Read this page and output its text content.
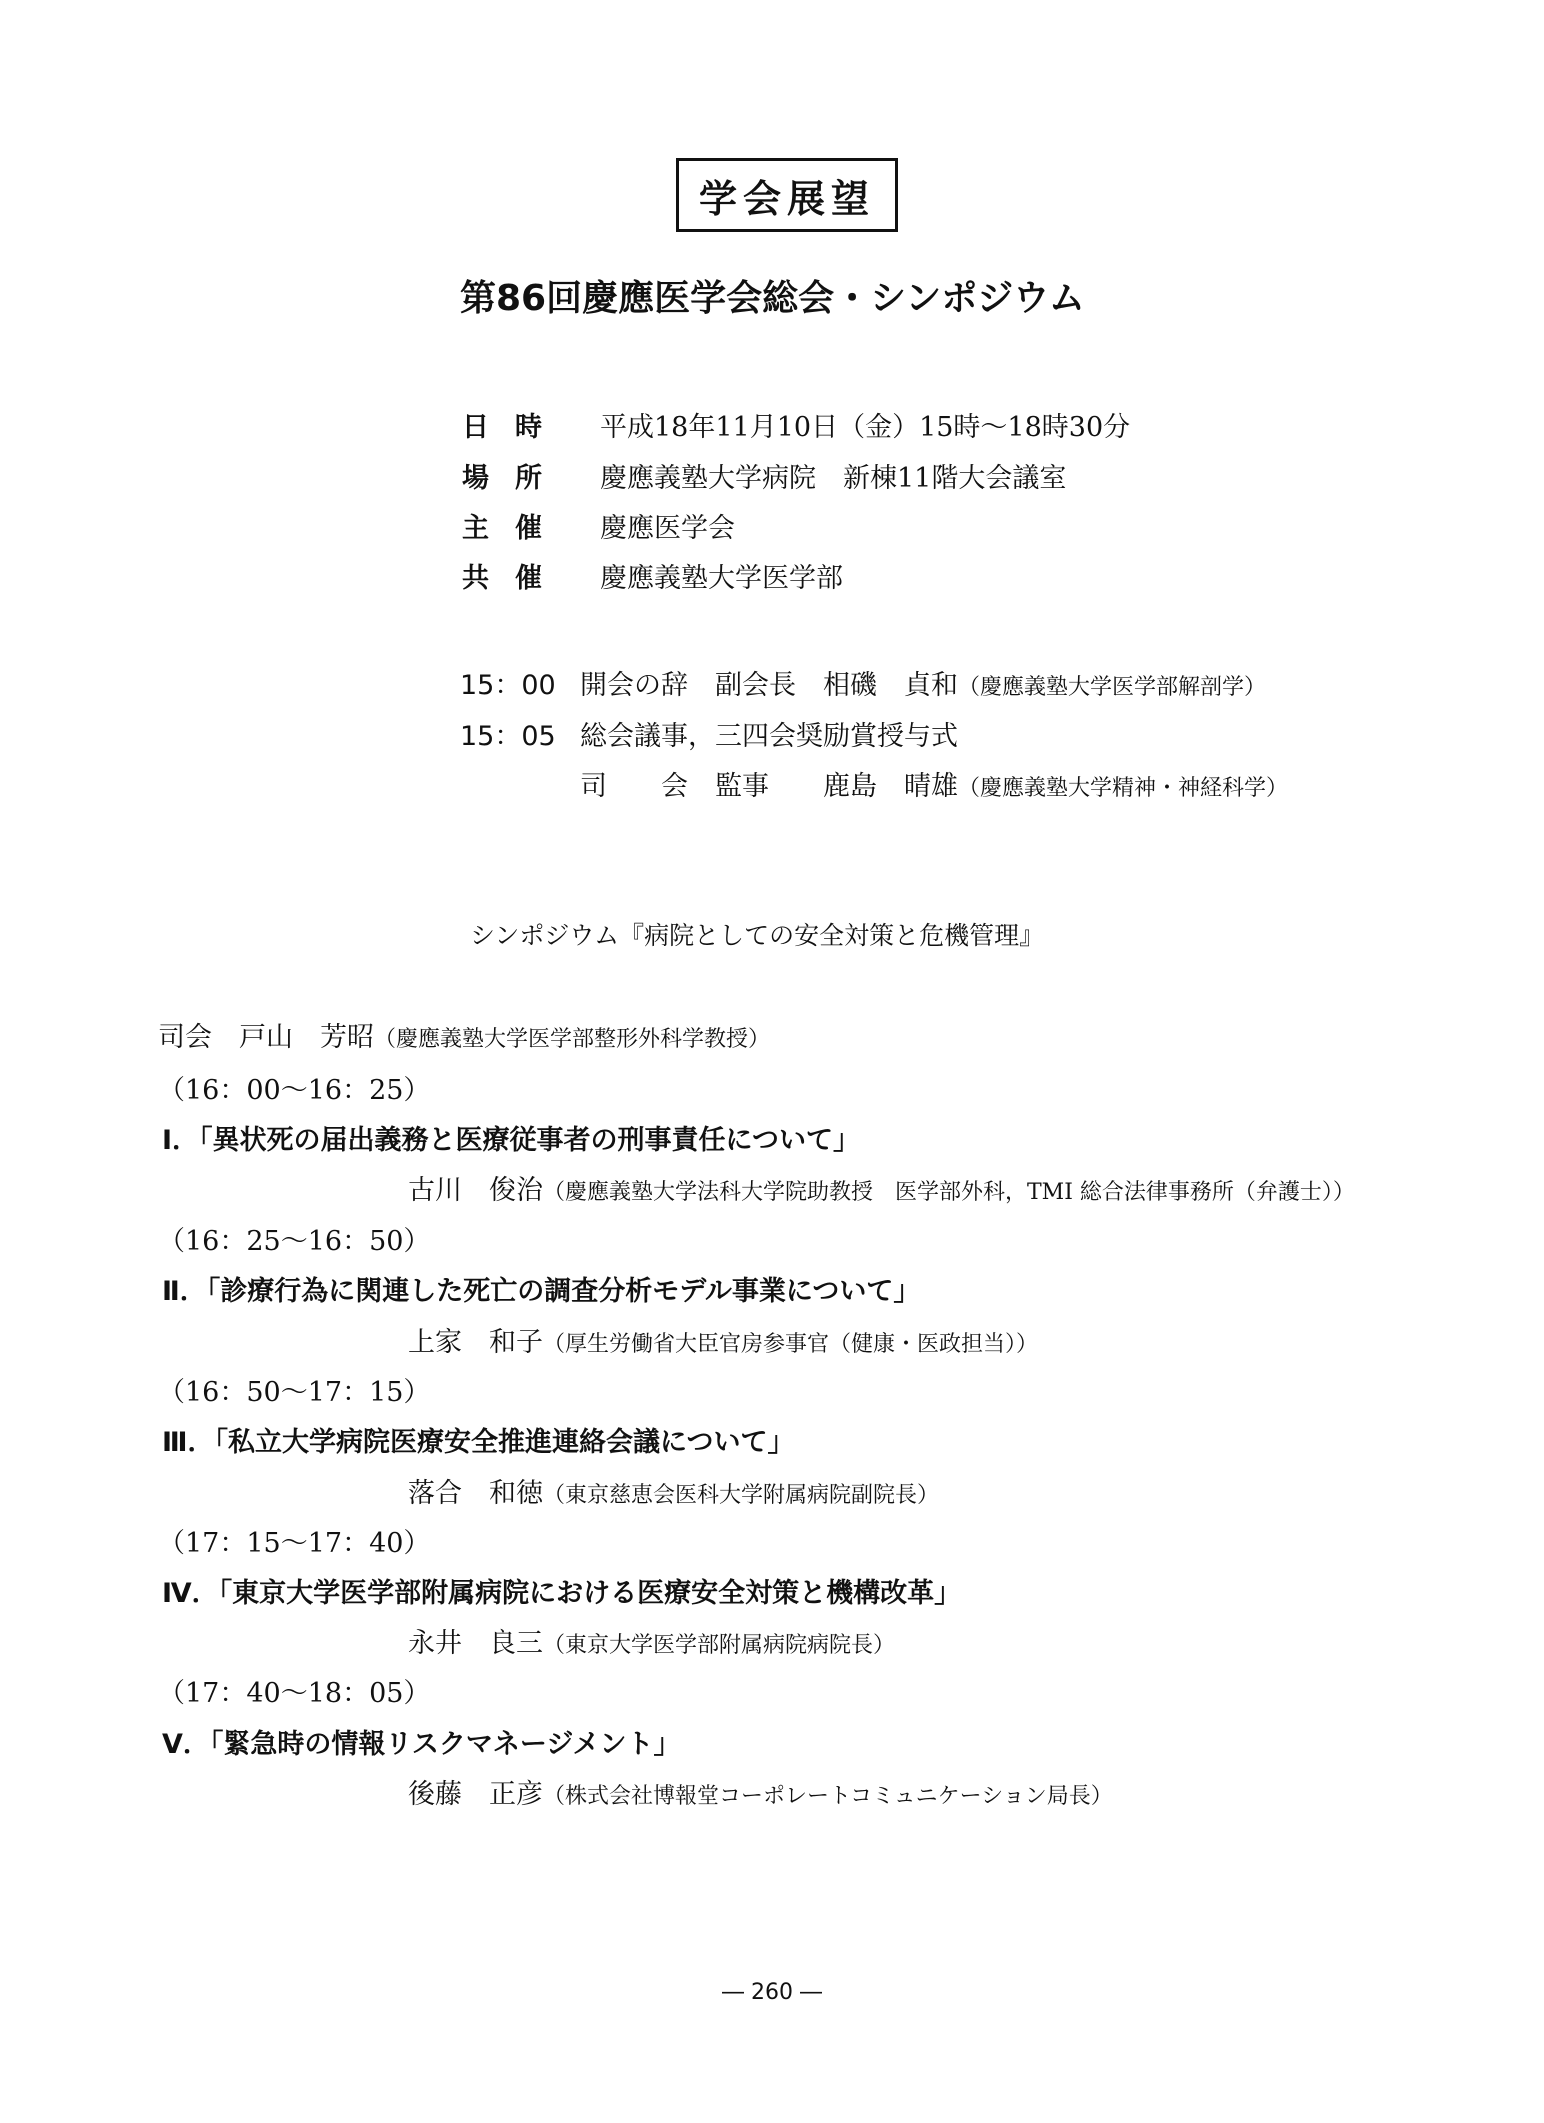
学会展望
第86回慶應医学会総会・シンポジウム
日時 平成18年11月10日（金）15時～18時30分
場所 慶應義塾大学病院　新棟11階大会議室
主催 慶應医学会
共催 慶應義塾大学医学部
15：00 開会の辞　副会長　相磯　貞和（慶應義塾大学医学部解剖学）
15：05 総会議事，三四会奨励賞授与式
司　　会　監事　　鹿島　晴雄（慶應義塾大学精神・神経科学）
シンポジウム『病院としての安全対策と危機管理』
司会　戸山　芳昭（慶應義塾大学医学部整形外科学教授）
（16：00～16：25）
Ⅰ．「異状死の届出義務と医療従事者の刑事責任について」
古川　俊治（慶應義塾大学法科大学院助教授　医学部外科，TMI 総合法律事務所（弁護士））
（16：25～16：50）
Ⅱ．「診療行為に関連した死亡の調査分析モデル事業について」
上家　和子（厚生労働省大臣官房参事官（健康・医政担当））
（16：50～17：15）
Ⅲ．「私立大学病院医療安全推進連絡会議について」
落合　和徳（東京慈恵会医科大学附属病院副院長）
（17：15～17：40）
Ⅳ．「東京大学医学部附属病院における医療安全対策と機構改革」
永井　良三（東京大学医学部附属病院病院長）
（17：40～18：05）
Ⅴ．「緊急時の情報リスクマネージメント」
後藤　正彦（株式会社博報堂コーポレートコミュニケーション局長）
― 260 ―
